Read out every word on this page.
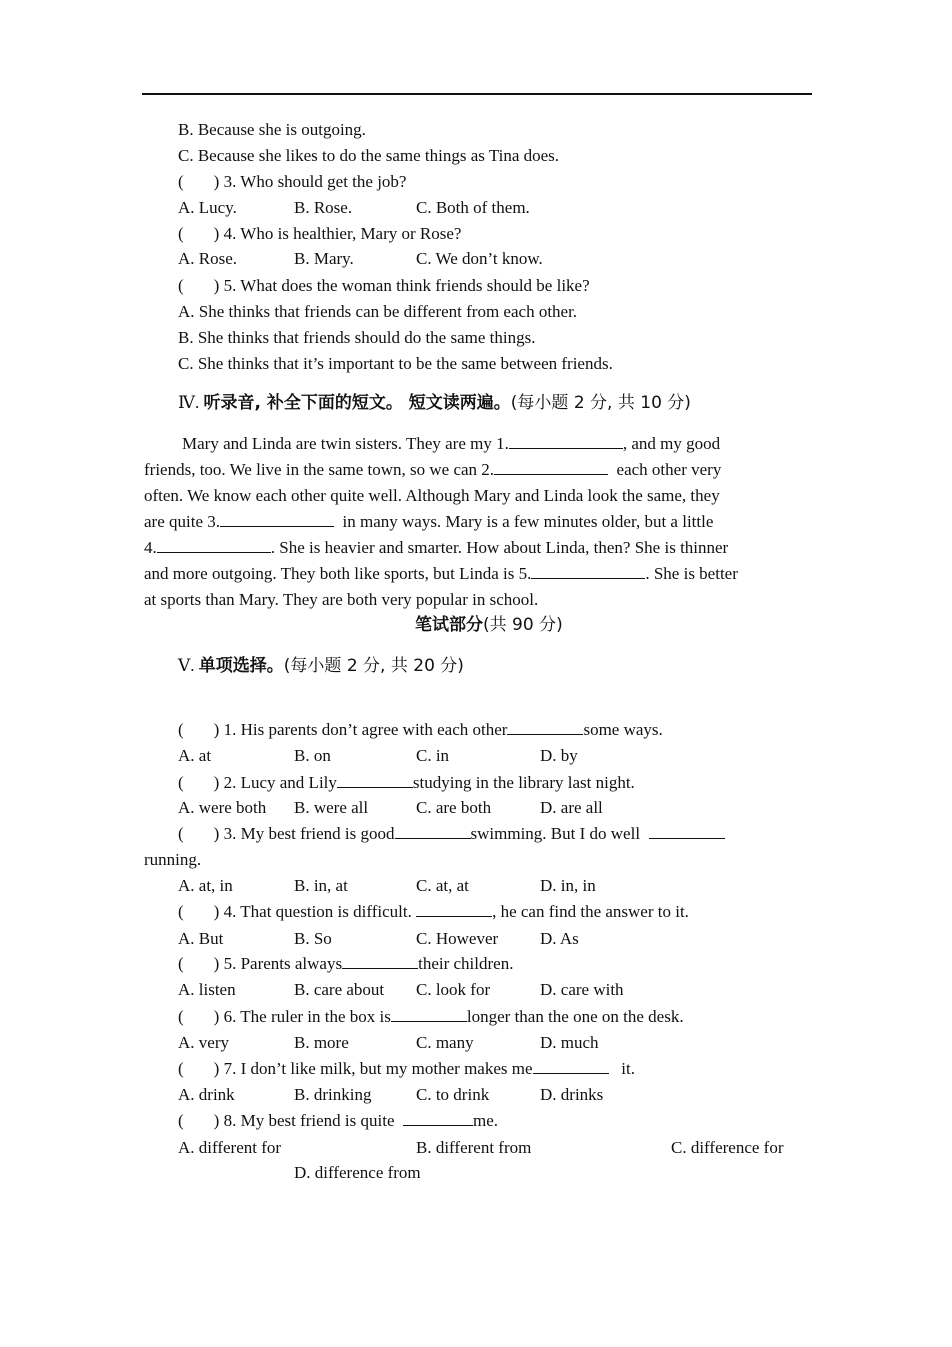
B. Because she is outgoing.
C. Because she likes to do the same things as Tina does.
( ) 3. Who should get the job?
A. Lucy.	B. Rose.	C. Both of them.
( ) 4. Who is healthier, Mary or Rose?
A. Rose.	B. Mary.	C. We don’t know.
( ) 5. What does the woman think friends should be like?
A. She thinks that friends can be different from each other.
B. She thinks that friends should do the same things.
C. She thinks that it’s important to be the same between friends.
Ⅳ. 听录音, 补全下面的短文。 短文读两遍。(每小题 2 分, 共 10 分)
Mary and Linda are twin sisters. They are my 1.	, and my good
friends, too. We live in the same town, so we can 2.	each other very
often. We know each other quite well. Although Mary and Linda look the same, they
are quite 3.	in many ways. Mary is a few minutes older, but a little
4.	. She is heavier and smarter. How about Linda, then? She is thinner
and more outgoing. They both like sports, but Linda is 5.	. She is better
at sports than Mary. They are both very popular in school.
笔试部分(共 90 分)
Ⅴ. 单项选择。(每小题 2 分, 共 20 分)
( ) 1. His parents don’t agree with each other	some ways.
A. at	B. on	C. in	D. by
( ) 2. Lucy and Lily	studying in the library last night.
A. were both B. were all	C. are both	D. are all
( ) 3. My best friend is good	swimming. But I do well
running.
A. at, in	B. in, at	C. at, at	D. in, in
( ) 4. That question is difficult.	, he can find the answer to it.
A. But	B. So	C. However D. As
( ) 5. Parents always	their children.
A. listen	B. care about C. look for	D. care with
( ) 6. The ruler in the box is	longer than the one on the desk.
A. very	B. more	C. many	D. much
( ) 7. I don’t like milk, but my mother makes me	it.
A. drink	B. drinking	C. to drink	D. drinks
( ) 8. My best friend is quite	me.
A. different for	B. different from	C. difference for
D. difference from
